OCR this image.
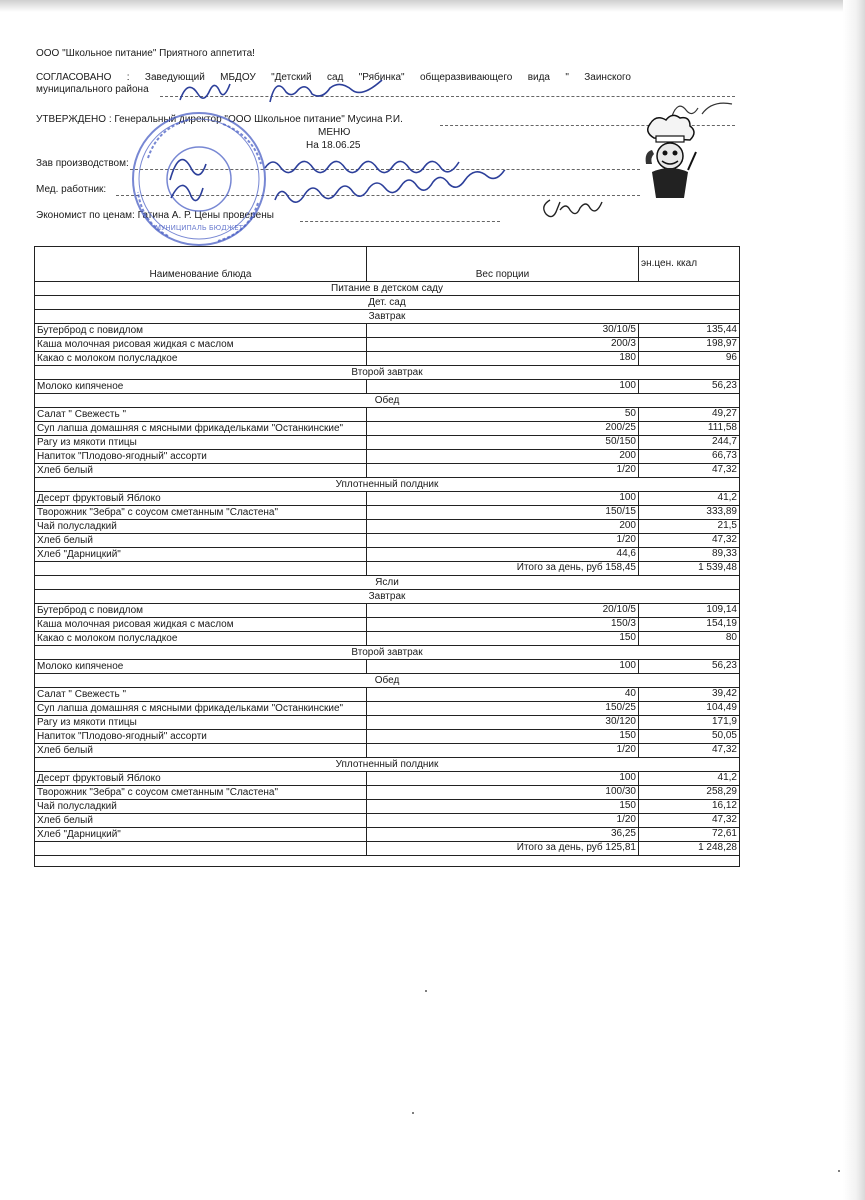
ООО "Школьное питание" Приятного аппетита!
СОГЛАСОВАНО : Заведующий МБДОУ "Детский сад "Рябинка" общеразвивающего вида " Заинского
муниципального района
УТВЕРЖДЕНО : Генеральный директор "ООО Школьное питание" Мусина Р.И.
МЕНЮ
На 18.06.25
Зав производством:
Мед. работник:
Экономист по ценам: Гатина А. Р. Цены проверены
МУНИЦИПАЛЬ БЮДЖЕТ
Наименование блюда	Вес порции	эн.цен. ккал
Питание в детском саду		
Дет. сад		
Завтрак		
Бутерброд с повидлом	30/10/5	135,44
Каша молочная рисовая жидкая с маслом	200/3	198,97
Какао с молоком полусладкое	180	96
Второй завтрак		
Молоко кипяченое	100	56,23
Обед		
Салат " Свежесть "	50	49,27
Суп лапша домашняя с мясными фрикадельками "Останкинские"	200/25	111,58
Рагу из мякоти птицы	50/150	244,7
Напиток "Плодово-ягодный" ассорти	200	66,73
Хлеб белый	1/20	47,32
Уплотненный полдник		
Десерт фруктовый Яблоко	100	41,2
Творожник "Зебра" с соусом сметанным "Сластена"	150/15	333,89
Чай полусладкий	200	21,5
Хлеб белый	1/20	47,32
Хлеб "Дарницкий"	44,6	89,33
	Итого за день, руб 158,45	1 539,48
Ясли		
Завтрак		
Бутерброд с повидлом	20/10/5	109,14
Каша молочная рисовая жидкая с маслом	150/3	154,19
Какао с молоком полусладкое	150	80
Второй завтрак		
Молоко кипяченое	100	56,23
Обед		
Салат " Свежесть "	40	39,42
Суп лапша домашняя с мясными фрикадельками "Останкинские"	150/25	104,49
Рагу из мякоти птицы	30/120	171,9
Напиток "Плодово-ягодный" ассорти	150	50,05
Хлеб белый	1/20	47,32
Уплотненный полдник		
Десерт фруктовый Яблоко	100	41,2
Творожник "Зебра" с соусом сметанным "Сластена"	100/30	258,29
Чай полусладкий	150	16,12
Хлеб белый	1/20	47,32
Хлеб "Дарницкий"	36,25	72,61
	Итого за день, руб 125,81	1 248,28
